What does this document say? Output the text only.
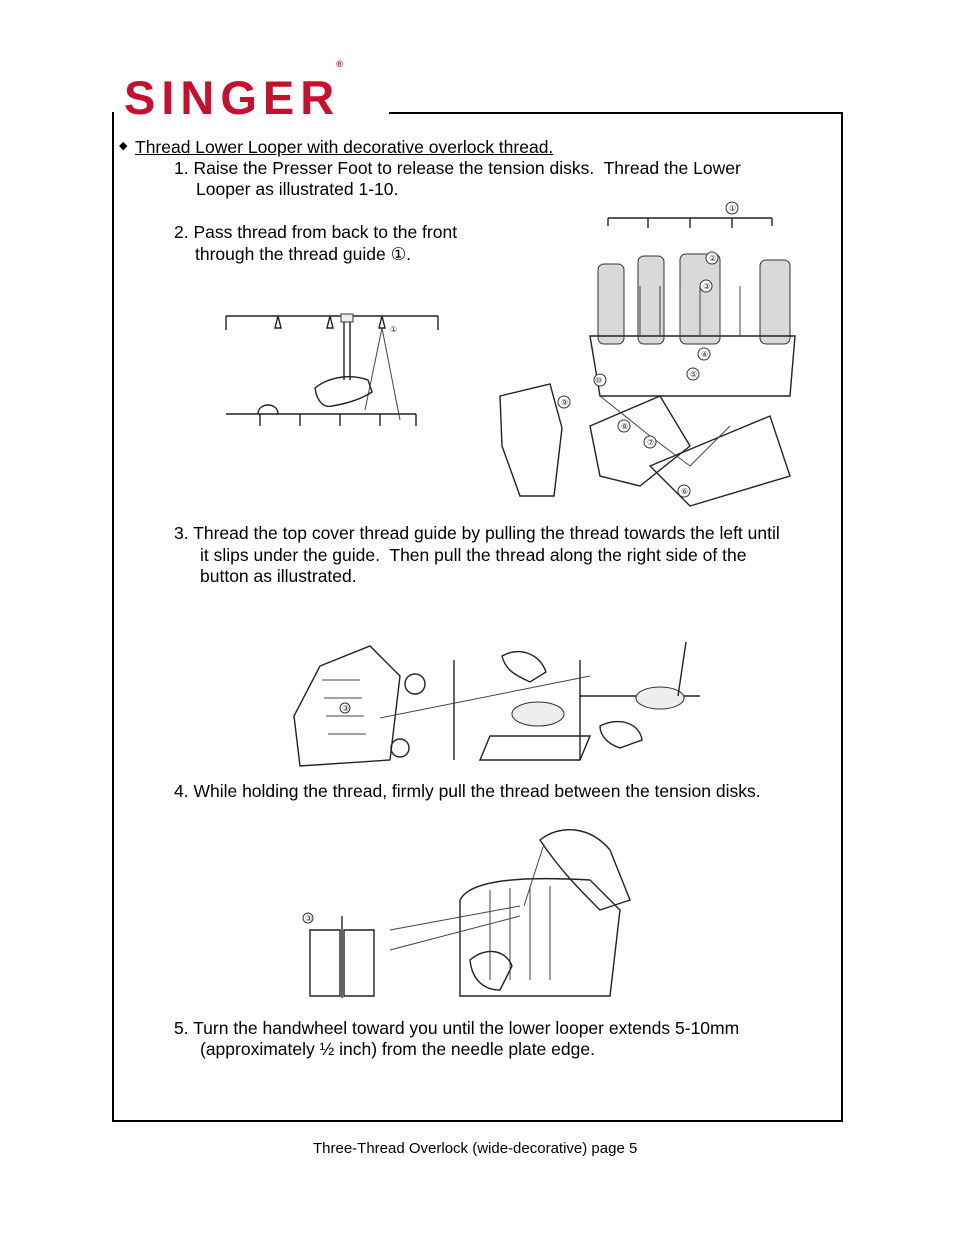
SINGER®
◆ Thread Lower Looper with decorative overlock thread.
1. Raise the Presser Foot to release the tension disks.  Thread the Lower
Looper as illustrated 1-10.
2. Pass thread from back to the front
through the thread guide ①.
①
①
②
③
④
⑤
⑥
⑦
⑧
⑨
⑩
3. Thread the top cover thread guide by pulling the thread towards the left until
it slips under the guide.  Then pull the thread along the right side of the
button as illustrated.
③
4. While holding the thread, firmly pull the thread between the tension disks.
③
5. Turn the handwheel toward you until the lower looper extends 5-10mm
(approximately ½ inch) from the needle plate edge.
Three-Thread Overlock (wide-decorative) page 5
